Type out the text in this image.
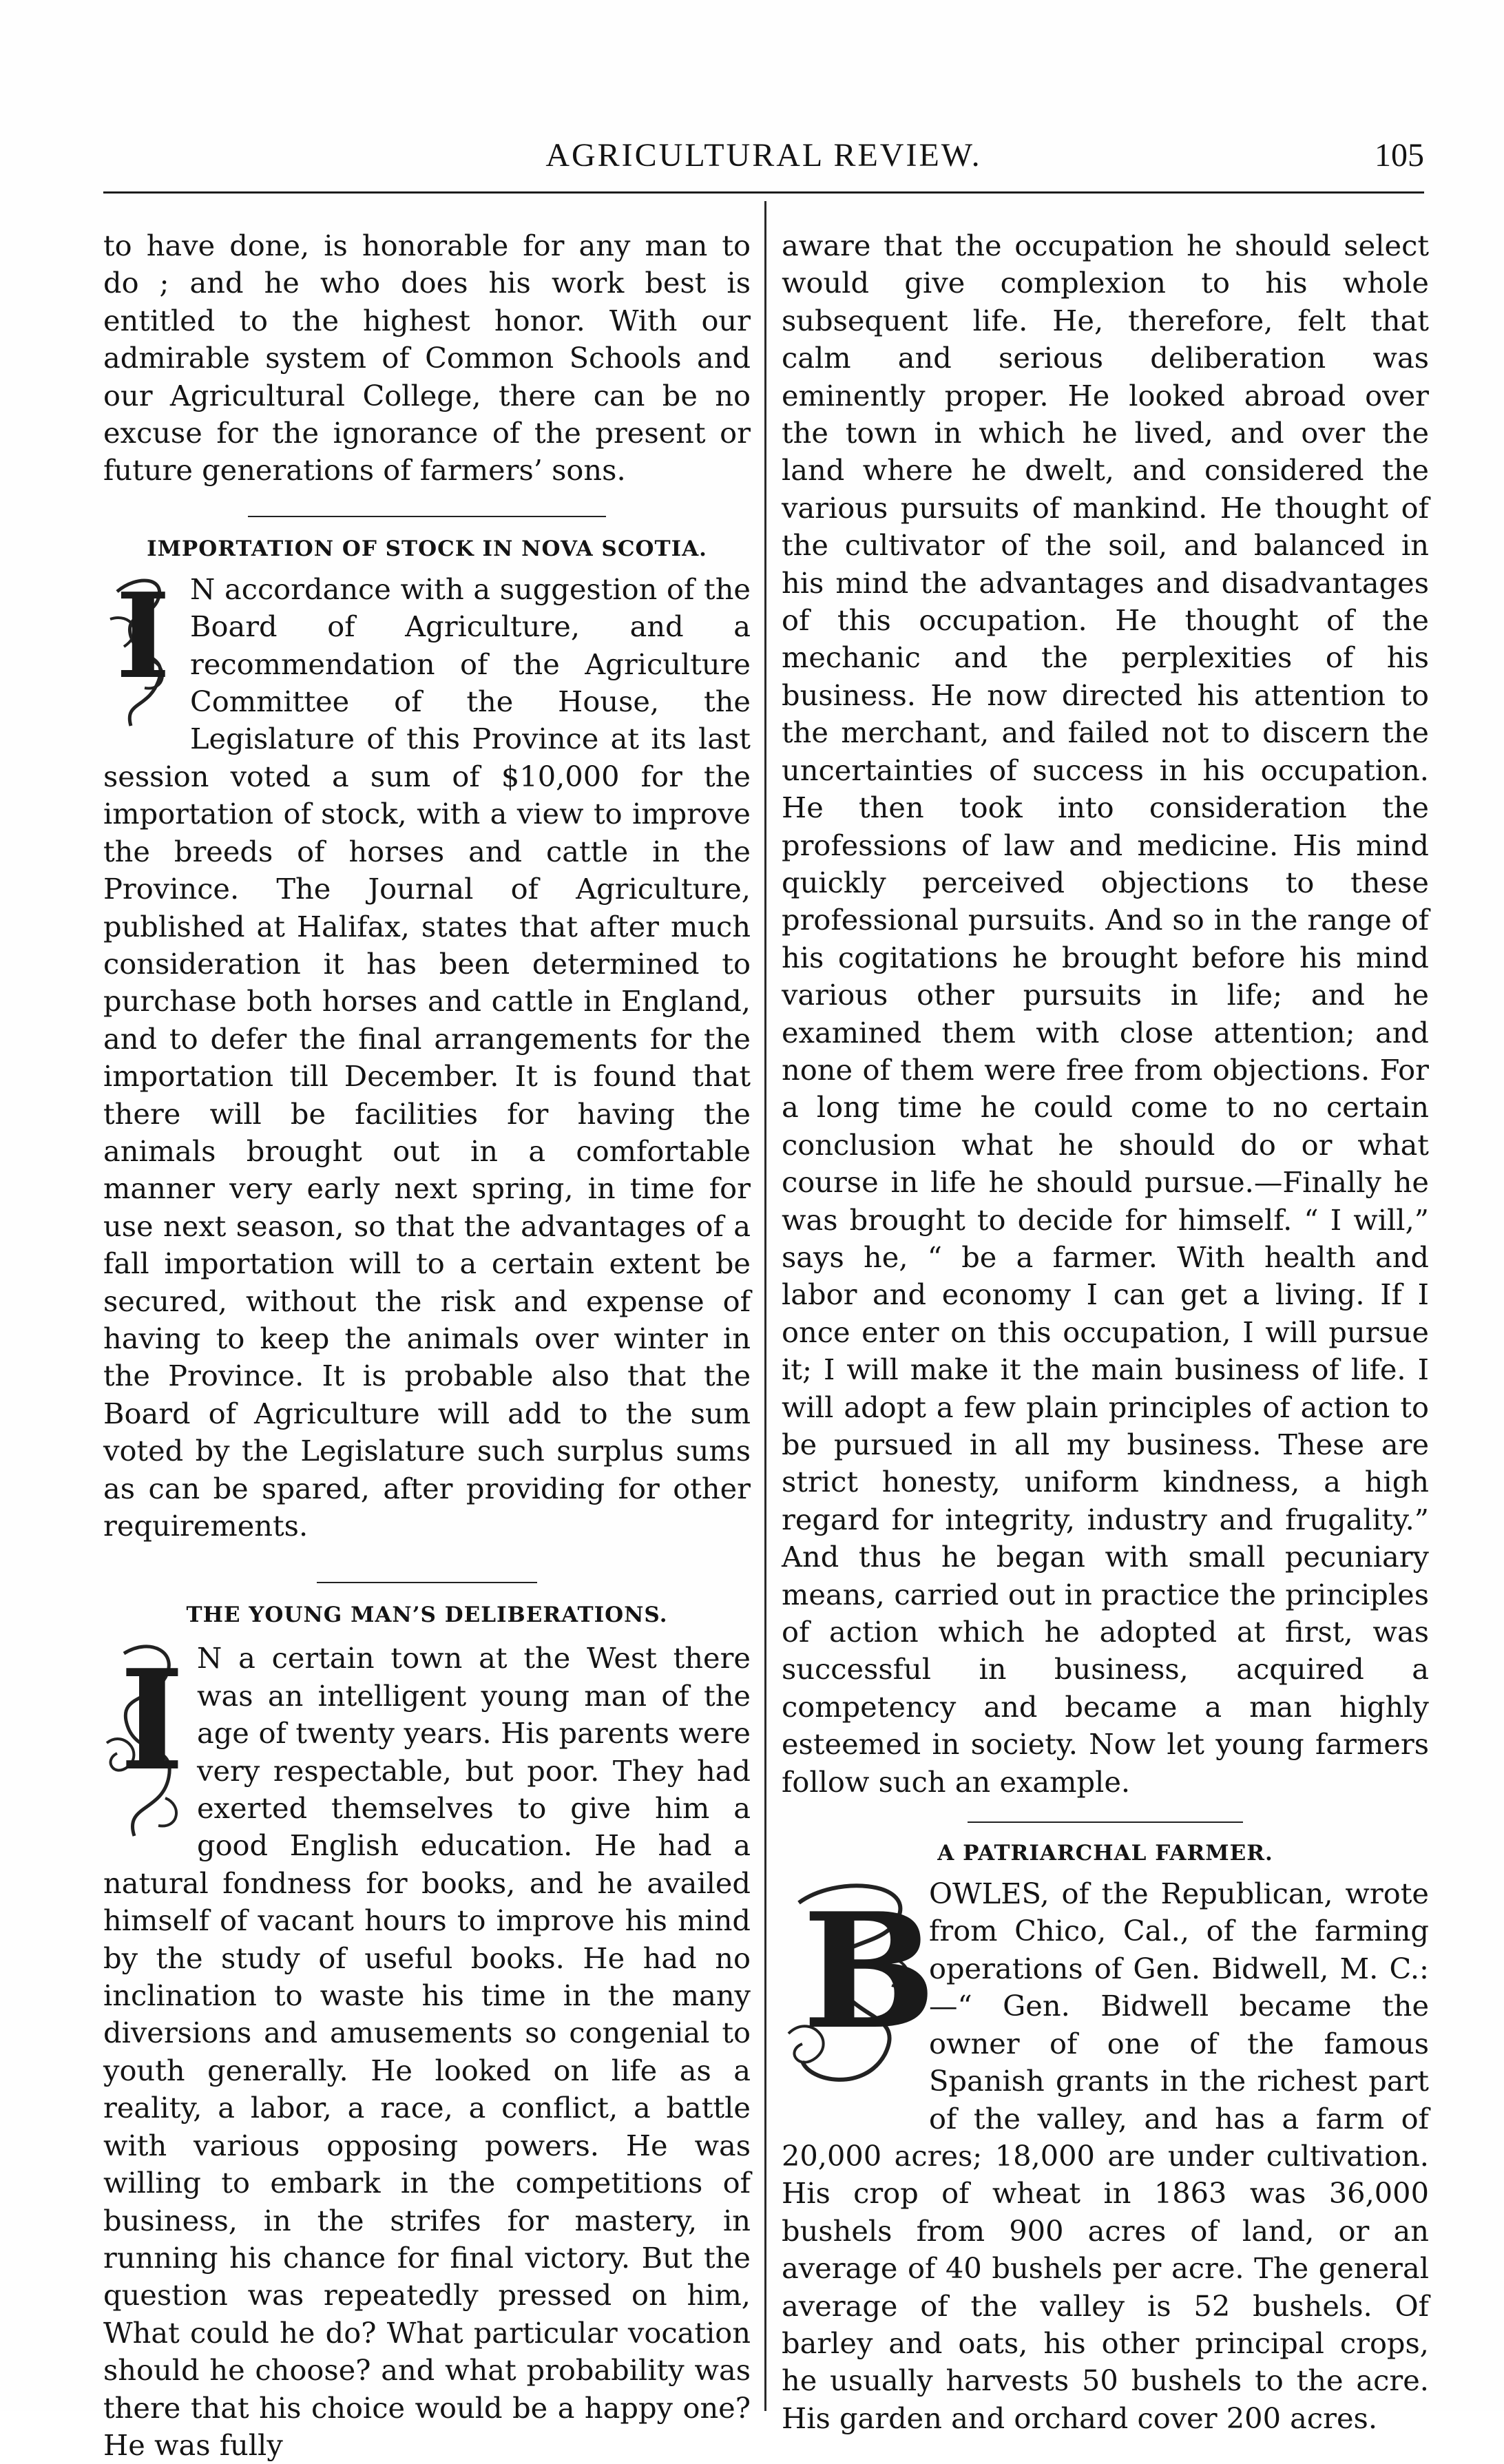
AGRICULTURAL REVIEW.	105

to have done, is honorable for any man to do ; and he who does his work best is entitled to the highest honor. With our admirable system of Common Schools and our Agricultural College, there can be no excuse for the ignorance of the present or future generations of farmers’ sons.

IMPORTATION OF STOCK IN NOVA SCOTIA.

I N accordance with a suggestion of the Board of Agriculture, and a recommendation of the Agriculture Committee of the House, the Legislature of this Province at its last session voted a sum of $10,000 for the importation of stock, with a view to improve the breeds of horses and cattle in the Province. The Journal of Agriculture, published at Halifax, states that after much consideration it has been determined to purchase both horses and cattle in England, and to defer the final arrangements for the importation till December. It is found that there will be facilities for having the animals brought out in a comfortable manner very early next spring, in time for use next season, so that the advantages of a fall importation will to a certain extent be secured, without the risk and expense of having to keep the animals over winter in the Province. It is probable also that the Board of Agriculture will add to the sum voted by the Legislature such surplus sums as can be spared, after providing for other requirements.

THE YOUNG MAN’S DELIBERATIONS.

I N a certain town at the West there was an intelligent young man of the age of twenty years. His parents were very respectable, but poor. They had exerted themselves to give him a good English education. He had a natural fondness for books, and he availed himself of vacant hours to improve his mind by the study of useful books. He had no inclination to waste his time in the many diversions and amusements so congenial to youth generally. He looked on life as a reality, a labor, a race, a conflict, a battle with various opposing powers. He was willing to embark in the competitions of business, in the strifes for mastery, in running his chance for final victory. But the question was repeatedly pressed on him, What could he do? What particular vocation should he choose? and what probability was there that his choice would be a happy one? He was fully

aware that the occupation he should select would give complexion to his whole subsequent life. He, therefore, felt that calm and serious deliberation was eminently proper. He looked abroad over the town in which he lived, and over the land where he dwelt, and considered the various pursuits of mankind. He thought of the cultivator of the soil, and balanced in his mind the advantages and disadvantages of this occupation. He thought of the mechanic and the perplexities of his business. He now directed his attention to the merchant, and failed not to discern the uncertainties of success in his occupation. He then took into consideration the professions of law and medicine. His mind quickly perceived objections to these professional pursuits. And so in the range of his cogitations he brought before his mind various other pursuits in life; and he examined them with close attention; and none of them were free from objections. For a long time he could come to no certain conclusion what he should do or what course in life he should pursue.—Finally he was brought to decide for himself. “ I will,” says he, “ be a farmer. With health and labor and economy I can get a living. If I once enter on this occupation, I will pursue it; I will make it the main business of life. I will adopt a few plain principles of action to be pursued in all my business. These are strict honesty, uniform kindness, a high regard for integrity, industry and frugality.” And thus he began with small pecuniary means, carried out in practice the principles of action which he adopted at first, was successful in business, acquired a competency and became a man highly esteemed in society. Now let young farmers follow such an example.

A PATRIARCHAL FARMER.

B

OWLES, of the Republican, wrote from Chico, Cal., of the farming operations of Gen. Bidwell, M. C.:—“ Gen. Bidwell became the owner of one of the famous Spanish grants in the richest part of the valley, and has a farm of 20,000 acres; 18,000 are under cultivation. His crop of wheat in 1863 was 36,000 bushels from 900 acres of land, or an average of 40 bushels per acre. The general average of the valley is 52 bushels. Of barley and oats, his other principal crops, he usually harvests 50 bushels to the acre. His garden and orchard cover 200 acres.
